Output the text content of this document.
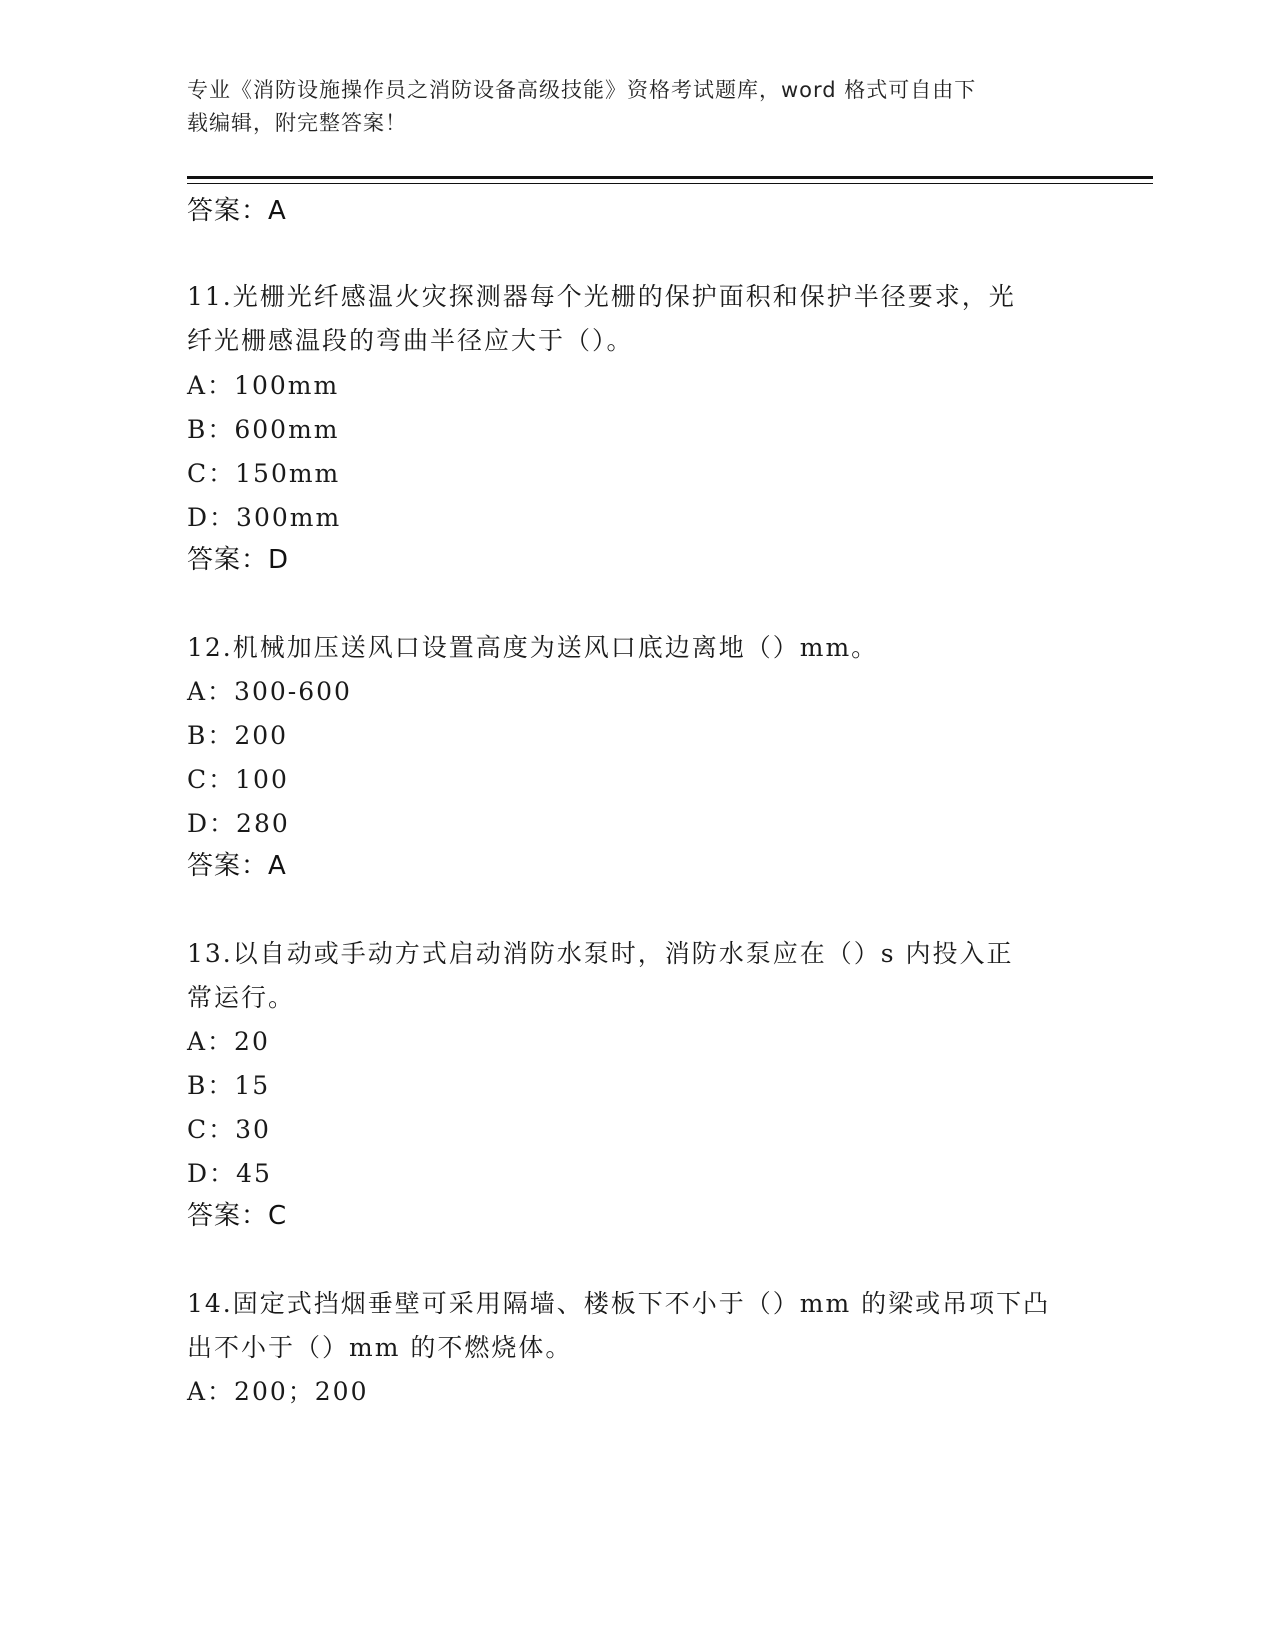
专业《消防设施操作员之消防设备高级技能》资格考试题库，word 格式可自由下
载编辑，附完整答案！
答案：A
11.光栅光纤感温火灾探测器每个光栅的保护面积和保护半径要求，光
纤光栅感温段的弯曲半径应大于（）。
A：100mm
B：600mm
C：150mm
D：300mm
答案：D
12.机械加压送风口设置高度为送风口底边离地（）mm。
A：300-600
B：200
C：100
D：280
答案：A
13.以自动或手动方式启动消防水泵时，消防水泵应在（）s 内投入正
常运行。
A：20
B：15
C：30
D：45
答案：C
14.固定式挡烟垂壁可采用隔墙、楼板下不小于（）mm 的梁或吊项下凸
出不小于（）mm 的不燃烧体。
A：200；200
